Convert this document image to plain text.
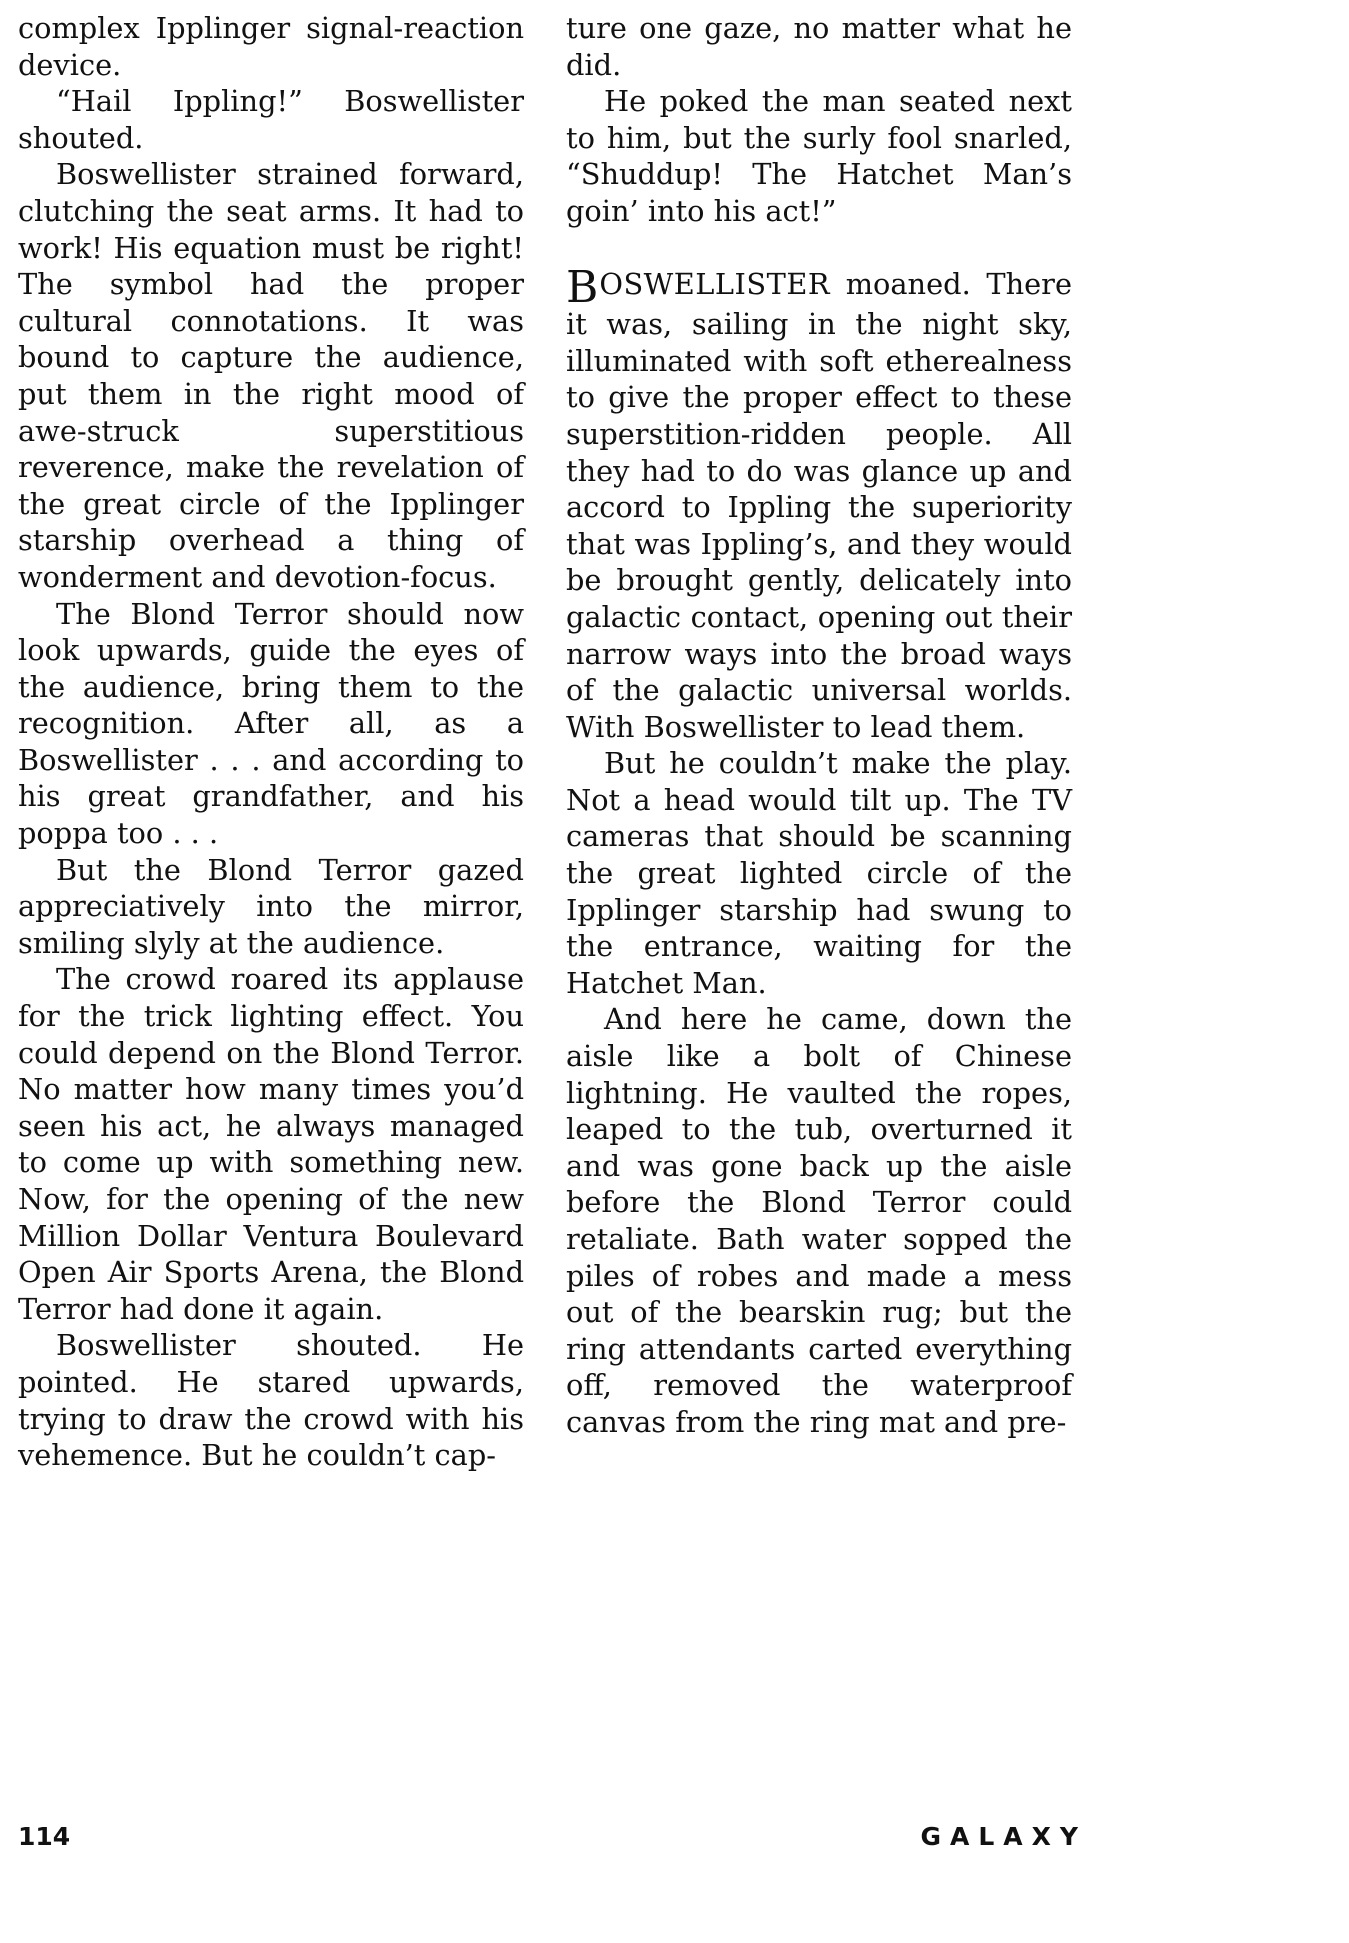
complex Ipplinger signal-reaction device.

“Hail Ippling!” Boswellister shouted.

Boswellister strained forward, clutching the seat arms. It had to work! His equation must be right! The symbol had the proper cultural connotations. It was bound to capture the audience, put them in the right mood of awe-struck superstitious reverence, make the revelation of the great circle of the Ipplinger starship overhead a thing of wonderment and devotion-focus.

The Blond Terror should now look upwards, guide the eyes of the audience, bring them to the recognition. After all, as a Boswellister . . . and according to his great grandfather, and his poppa too . . .

But the Blond Terror gazed appreciatively into the mirror, smiling slyly at the audience.

The crowd roared its applause for the trick lighting effect. You could depend on the Blond Terror. No matter how many times you’d seen his act, he always managed to come up with something new. Now, for the opening of the new Million Dollar Ventura Boulevard Open Air Sports Arena, the Blond Terror had done it again.

Boswellister shouted. He pointed. He stared upwards, trying to draw the crowd with his vehemence. But he couldn’t cap-

ture one gaze, no matter what he did.

He poked the man seated next to him, but the surly fool snarled, “Shuddup! The Hatchet Man’s goin’ into his act!”

BOSWELLISTER moaned. There it was, sailing in the night sky, illuminated with soft etherealness to give the proper effect to these superstition-ridden people. All they had to do was glance up and accord to Ippling the superiority that was Ippling’s, and they would be brought gently, delicately into galactic contact, opening out their narrow ways into the broad ways of the galactic universal worlds. With Boswellister to lead them.

But he couldn’t make the play. Not a head would tilt up. The TV cameras that should be scanning the great lighted circle of the Ipplinger starship had swung to the entrance, waiting for the Hatchet Man.

And here he came, down the aisle like a bolt of Chinese lightning. He vaulted the ropes, leaped to the tub, overturned it and was gone back up the aisle before the Blond Terror could retaliate. Bath water sopped the piles of robes and made a mess out of the bearskin rug; but the ring attendants carted everything off, removed the waterproof canvas from the ring mat and pre-

114	GALAXY
